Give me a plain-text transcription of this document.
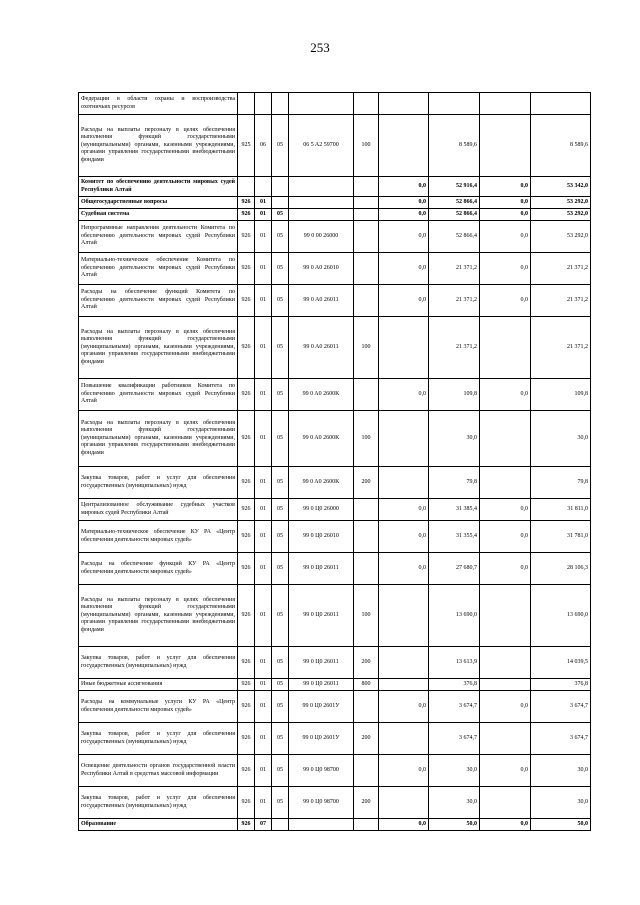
253
Федерации в области охраны и воспроизводства охотничьих ресурсов									
Расходы на выплаты персоналу в целях обеспечения выполнения функций государственными (муниципальными) органами, казенными учреждениями, органами управления государственными внебюджетными фондами	925	06	05	06 5 A2 59700	100		8 589,6		8 589,6
Комитет по обеспечению деятельности мировых судей Республики Алтай						0,0	52 916,4	0,0	53 342,0
Общегосударственные вопросы	926	01				0,0	52 866,4	0,0	53 292,0
Судебная система	926	01	05			0,0	52 866,4	0,0	53 292,0
Непрограммные направления деятельности Комитета по обеспечению деятельности мировых судей Республики Алтай	926	01	05	99 0 00 26000		0,0	52 866,4	0,0	53 292,0
Материально-техническое обеспечение Комитета по обеспечению деятельности мировых судей Республики Алтай	926	01	05	99 0 A0 26010		0,0	21 371,2	0,0	21 371,2
Расходы на обеспечение функций Комитета по обеспечению деятельности мировых судей Республики Алтай	926	01	05	99 0 A0 26011		0,0	21 371,2	0,0	21 371,2
Расходы на выплаты персоналу в целях обеспечения выполнения функций государственными (муниципальными) органами, казенными учреждениями, органами управления государственными внебюджетными фондами	926	01	05	99 0 A0 26011	100		21 371,2		21 371,2
Повышение квалификации работников Комитета по обеспечению деятельности мировых судей Республики Алтай	926	01	05	99 0 A0 2600K		0,0	109,8	0,0	109,8
Расходы на выплаты персоналу в целях обеспечения выполнения функций государственными (муниципальными) органами, казенными учреждениями, органами управления государственными внебюджетными фондами	926	01	05	99 0 A0 2600K	100		30,0		30,0
Закупка товаров, работ и услуг для обеспечения государственных (муниципальных) нужд	926	01	05	99 0 A0 2600K	200		79,8		79,8
Централизованное обслуживание судебных участков мировых судей Республики Алтай	926	01	05	99 0 Ц0 26000		0,0	31 385,4	0,0	31 811,0
Материально-техническое обеспечение КУ РА «Центр обеспечения деятельности мировых судей»	926	01	05	99 0 Ц0 26010		0,0	31 355,4	0,0	31 781,0
Расходы на обеспечение функций КУ РА «Центр обеспечения деятельности мировых судей»	926	01	05	99 0 Ц0 26011		0,0	27 680,7	0,0	28 106,3
Расходы на выплаты персоналу в целях обеспечения выполнения функций государственными (муниципальными) органами, казенными учреждениями, органами управления государственными внебюджетными фондами	926	01	05	99 0 Ц0 26011	100		13 690,0		13 690,0
Закупка товаров, работ и услуг для обеспечения государственных (муниципальных) нужд	926	01	05	99 0 Ц0 26011	200		13 613,9		14 039,5
Иные бюджетные ассигнования	926	01	05	99 0 Ц0 26011	800		376,8		376,8
Расходы на коммунальные услуги КУ РА «Центр обеспечения деятельности мировых судей»	926	01	05	99 0 Ц0 2601У		0,0	3 674,7	0,0	3 674,7
Закупка товаров, работ и услуг для обеспечения государственных (муниципальных) нужд	926	01	05	99 0 Ц0 2601У	200		3 674,7		3 674,7
Освещение деятельности органов государственной власти Республики Алтай в средствах массовой информации	926	01	05	99 0 Ц0 98700		0,0	30,0	0,0	30,0
Закупка товаров, работ и услуг для обеспечения государственных (муниципальных) нужд	926	01	05	99 0 Ц0 98700	200		30,0		30,0
Образование	926	07				0,0	50,0	0,0	50,0
